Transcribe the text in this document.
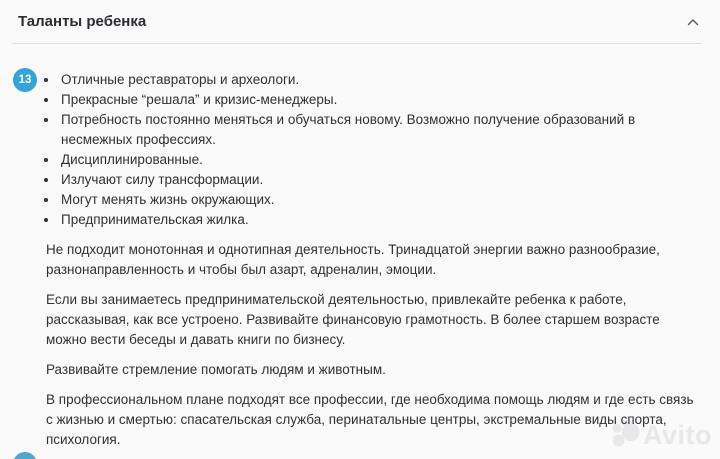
Таланты ребенка
13	• Отличные реставраторы и археологи.
• Прекрасные “решала” и кризис-менеджеры.
• Потребность постоянно меняться и обучаться новому. Возможно получение образований в несмежных профессиях.
• Дисциплинированные.
• Излучают силу трансформации.
• Могут менять жизнь окружающих.
• Предпринимательская жилка.

Не подходит монотонная и однотипная деятельность. Тринадцатой энергии важно разнообразие, разнонаправленность и чтобы был азарт, адреналин, эмоции.

Если вы занимаетесь предпринимательской деятельностью, привлекайте ребенка к работе, рассказывая, как все устроено. Развивайте финансовую грамотность. В более старшем возрасте можно вести беседы и давать книги по бизнесу.

Развивайте стремление помогать людям и животным.

В профессиональном плане подходят все профессии, где необходима помощь людям и где есть связь с жизнью и смертью: спасательская служба, перинатальные центры, экстремальные виды спорта, психология.	Avito
